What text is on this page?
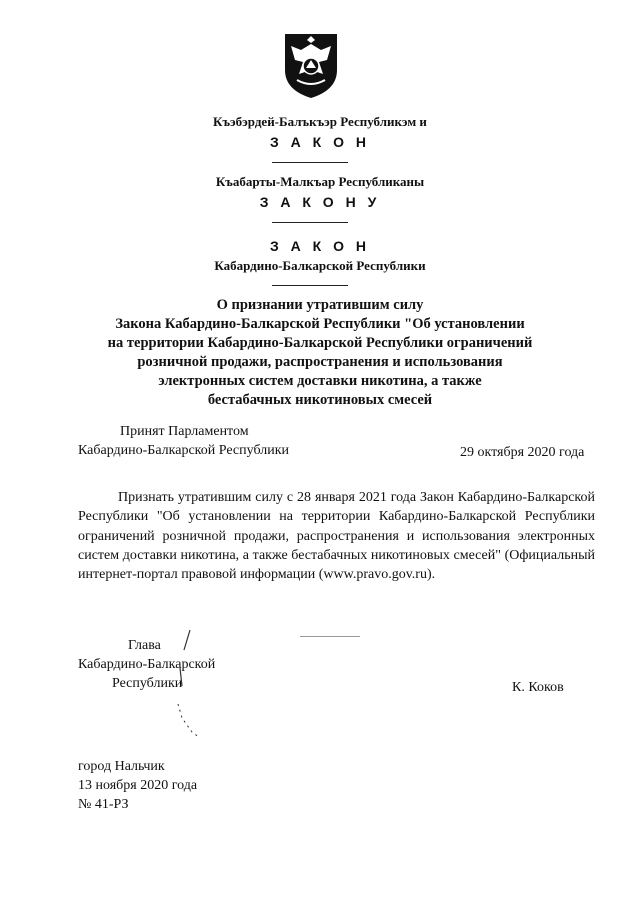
Къэбэрдей-Балъкъэр Республикэм и
З А К О Н
Къабарты-Малкъар Республиканы
З А К О Н У
З А К О Н
Кабардино-Балкарской Республики
О признании утратившим силу
Закона Кабардино-Балкарской Республики "Об установлении
на территории Кабардино-Балкарской Республики ограничений
розничной продажи, распространения и использования
электронных систем доставки никотина, а также
бестабачных никотиновых смесей
Принят Парламентом
Кабардино-Балкарской Республики	29 октября 2020 года
Признать утратившим силу с 28 января 2021 года Закон Кабардино-Балкарской Республики "Об установлении на территории Кабардино-Балкарской Республики ограничений розничной продажи, распространения и использования электронных систем доставки никотина, а также бестабачных никотиновых смесей" (Официальный интернет-портал правовой информации (www.pravo.gov.ru).
Глава
Кабардино-Балкарской
Республики	К. Коков
город Нальчик
13 ноября 2020 года
№ 41-РЗ
